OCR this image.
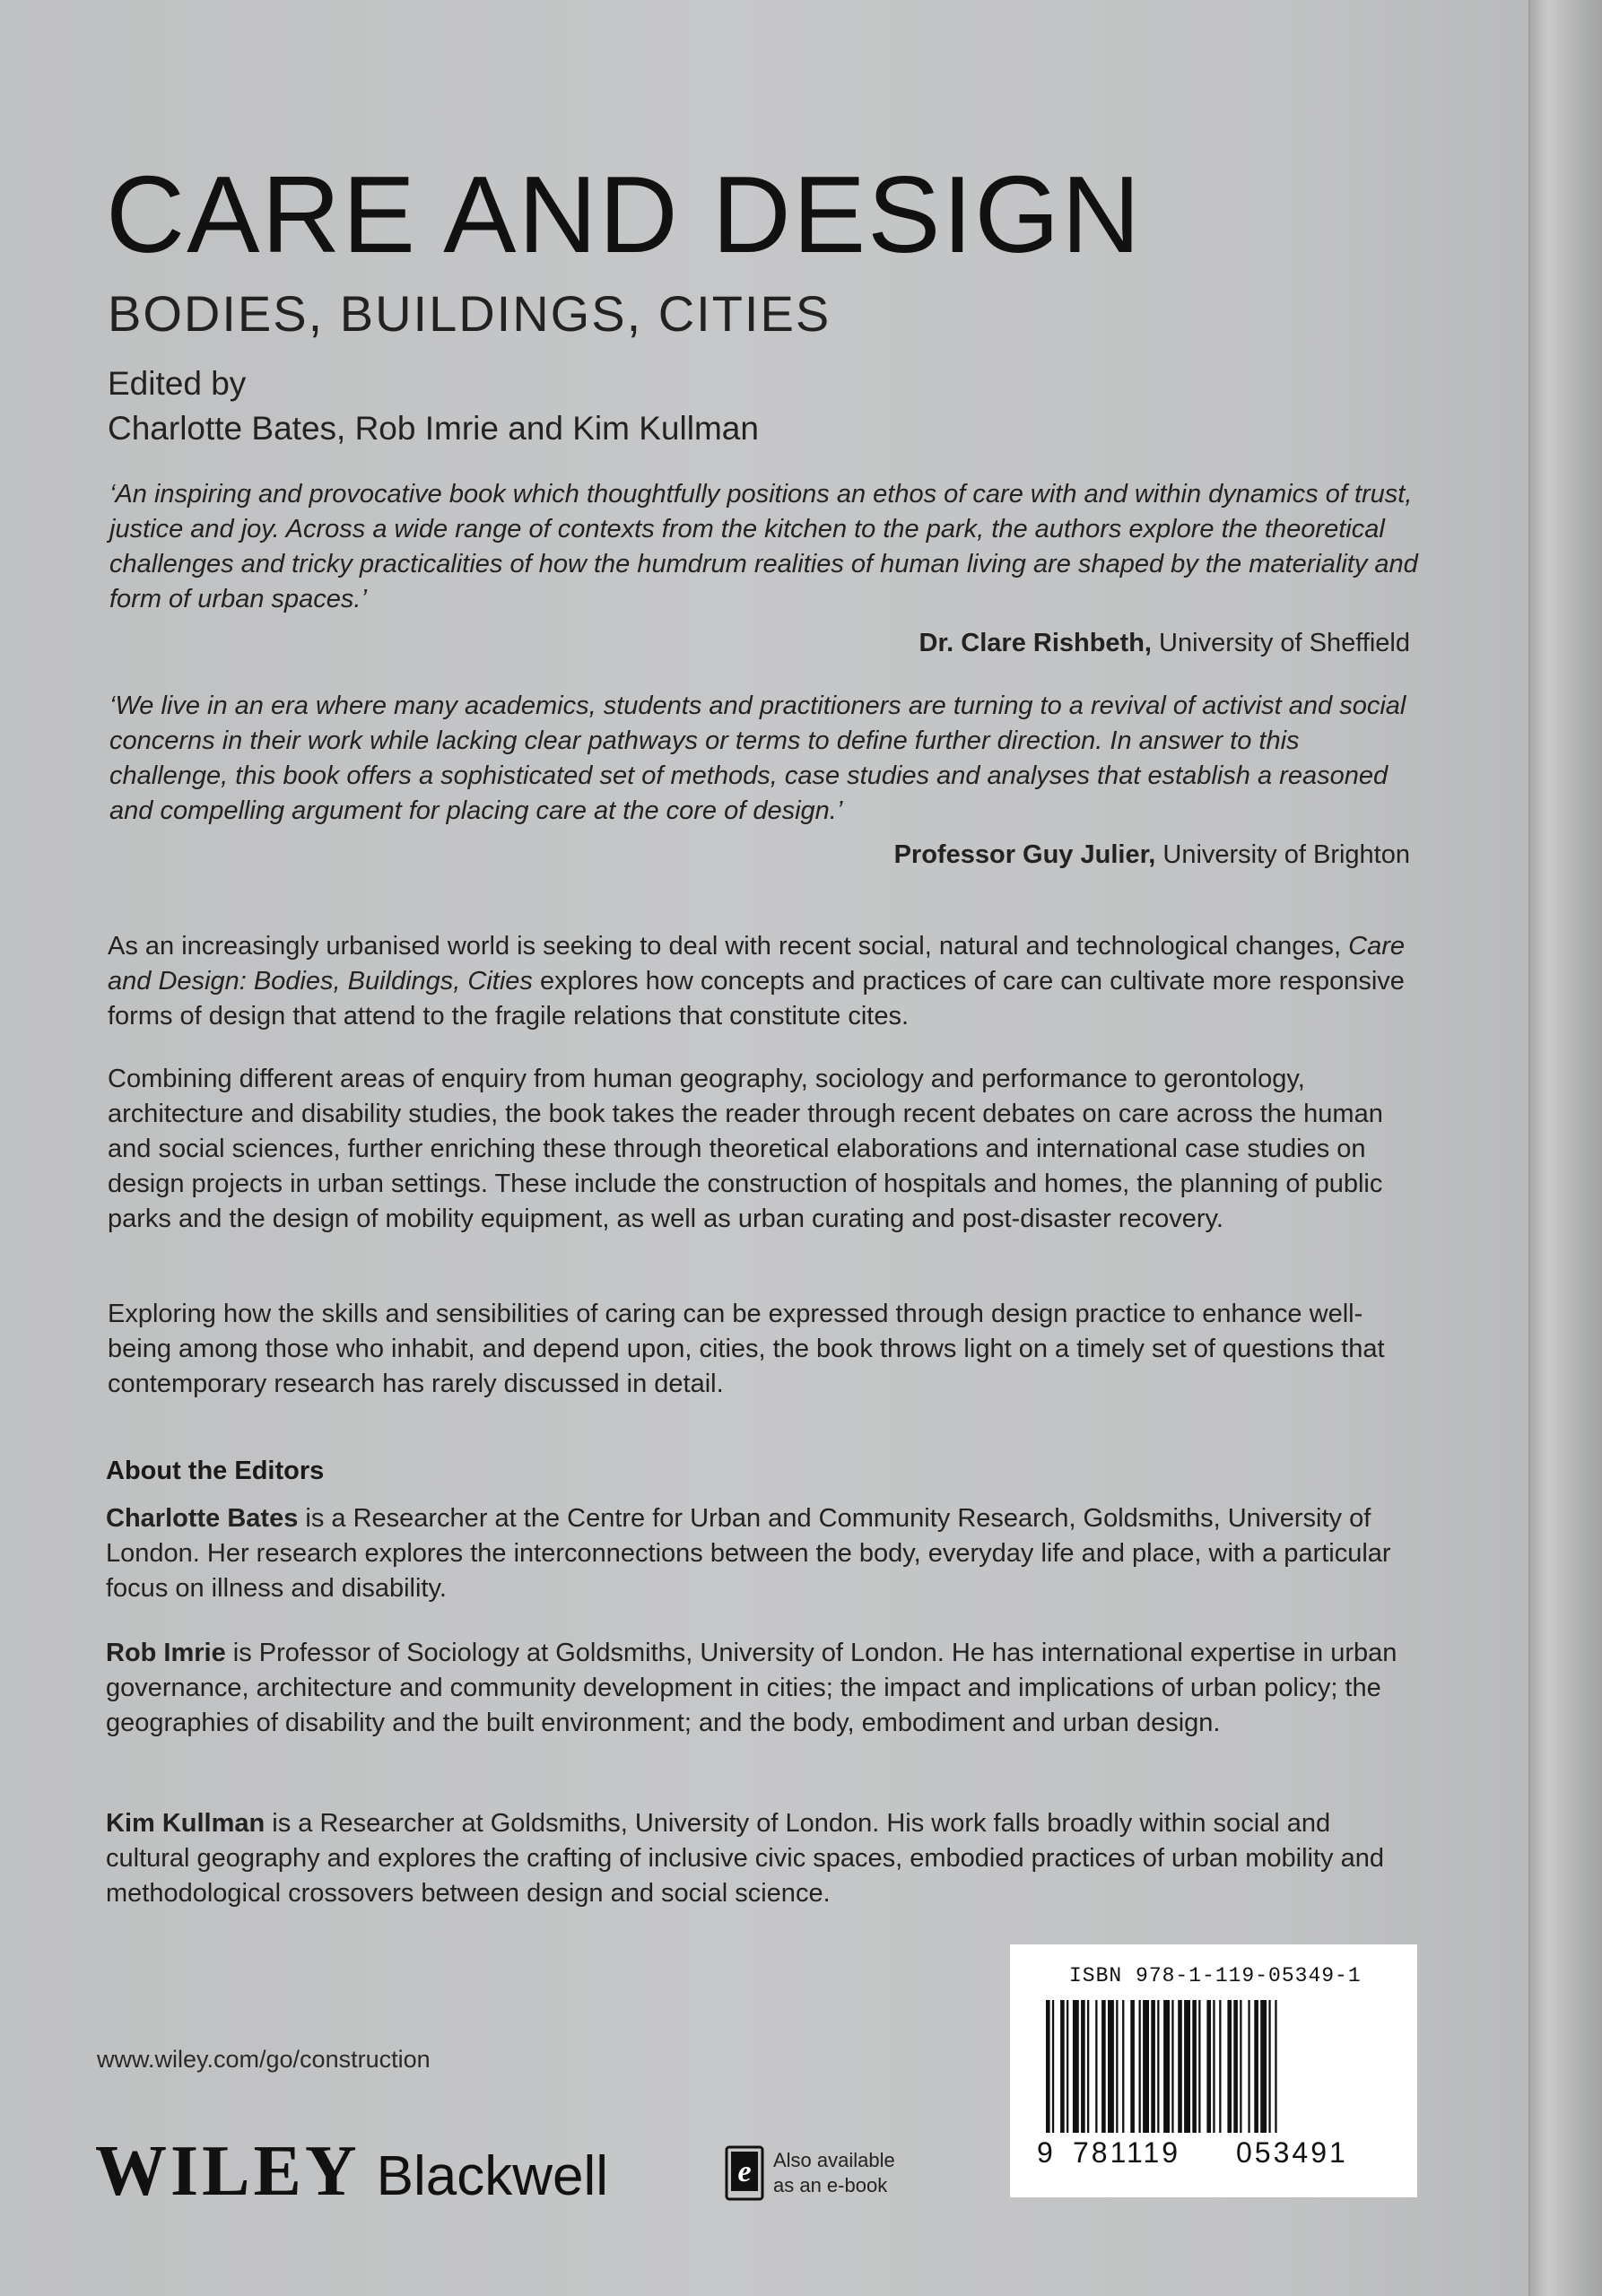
CARE AND DESIGN
BODIES, BUILDINGS, CITIES
Edited by
Charlotte Bates, Rob Imrie and Kim Kullman

‘An inspiring and provocative book which thoughtfully positions an ethos of care with and within dynamics of trust, justice and joy. Across a wide range of contexts from the kitchen to the park, the authors explore the theoretical challenges and tricky practicalities of how the humdrum realities of human living are shaped by the materiality and form of urban spaces.’

Dr. Clare Rishbeth, University of Sheffield

‘We live in an era where many academics, students and practitioners are turning to a revival of activist and social concerns in their work while lacking clear pathways or terms to define further direction. In answer to this challenge, this book offers a sophisticated set of methods, case studies and analyses that establish a reasoned and compelling argument for placing care at the core of design.’

Professor Guy Julier, University of Brighton

As an increasingly urbanised world is seeking to deal with recent social, natural and technological changes, Care and Design: Bodies, Buildings, Cities explores how concepts and practices of care can cultivate more responsive forms of design that attend to the fragile relations that constitute cites.

Combining different areas of enquiry from human geography, sociology and performance to gerontology, architecture and disability studies, the book takes the reader through recent debates on care across the human and social sciences, further enriching these through theoretical elaborations and international case studies on design projects in urban settings. These include the construction of hospitals and homes, the planning of public parks and the design of mobility equipment, as well as urban curating and post-disaster recovery.

Exploring how the skills and sensibilities of caring can be expressed through design practice to enhance well-being among those who inhabit, and depend upon, cities, the book throws light on a timely set of questions that contemporary research has rarely discussed in detail.

About the Editors

Charlotte Bates is a Researcher at the Centre for Urban and Community Research, Goldsmiths, University of London. Her research explores the interconnections between the body, everyday life and place, with a particular focus on illness and disability.

Rob Imrie is Professor of Sociology at Goldsmiths, University of London. He has international expertise in urban governance, architecture and community development in cities; the impact and implications of urban policy; the geographies of disability and the built environment; and the body, embodiment and urban design.

Kim Kullman is a Researcher at Goldsmiths, University of London. His work falls broadly within social and cultural geography and explores the crafting of inclusive civic spaces, embodied practices of urban mobility and methodological crossovers between design and social science.

www.wiley.com/go/construction
WILEY Blackwell	e Also available as an e-book
ISBN 978-1-119-05349-1
9 781119 053491
